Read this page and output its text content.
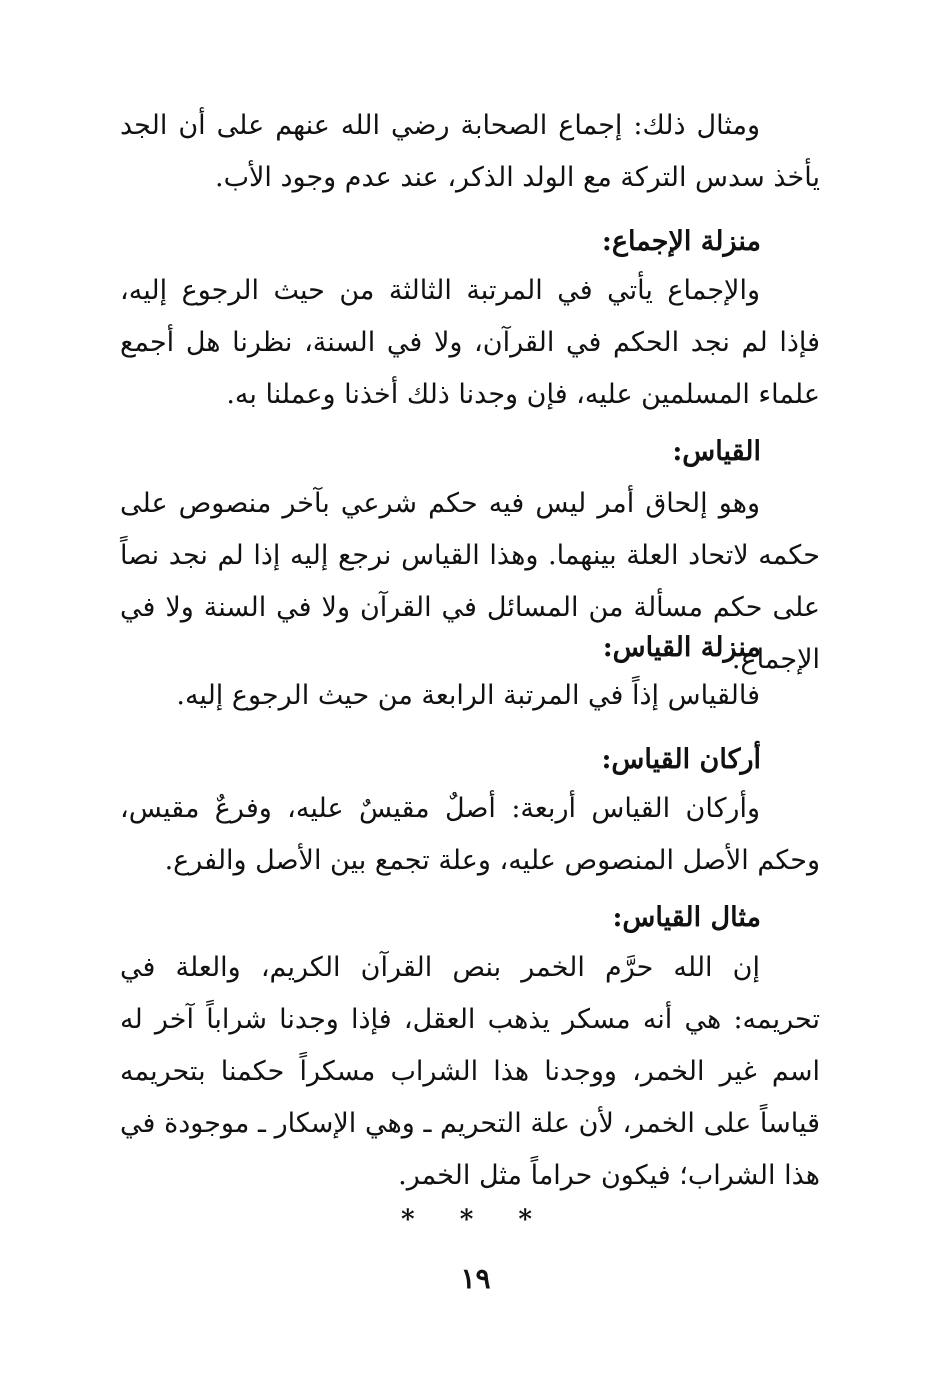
ومثال ذلك: إجماع الصحابة رضي الله عنهم على أن الجد يأخذ سدس التركة مع الولد الذكر، عند عدم وجود الأب.

منزلة الإجماع:

والإجماع يأتي في المرتبة الثالثة من حيث الرجوع إليه، فإذا لم نجد الحكم في القرآن، ولا في السنة، نظرنا هل أجمع علماء المسلمين عليه، فإن وجدنا ذلك أخذنا وعملنا به.

القياس:

وهو إلحاق أمر ليس فيه حكم شرعي بآخر منصوص على حكمه لاتحاد العلة بينهما. وهذا القياس نرجع إليه إذا لم نجد نصاً على حكم مسألة من المسائل في القرآن ولا في السنة ولا في الإجماع.

منزلة القياس:

فالقياس إذاً في المرتبة الرابعة من حيث الرجوع إليه.

أركان القياس:

وأركان القياس أربعة: أصلٌ مقيسٌ عليه، وفرعٌ مقيس، وحكم الأصل المنصوص عليه، وعلة تجمع بين الأصل والفرع.

مثال القياس:

إن الله حرَّم الخمر بنص القرآن الكريم، والعلة في تحريمه: هي أنه مسكر يذهب العقل، فإذا وجدنا شراباً آخر له اسم غير الخمر، ووجدنا هذا الشراب مسكراً حكمنا بتحريمه قياساً على الخمر، لأن علة التحريم ـ وهي الإسكار ـ موجودة في هذا الشراب؛ فيكون حراماً مثل الخمر.

* * *
١٩
